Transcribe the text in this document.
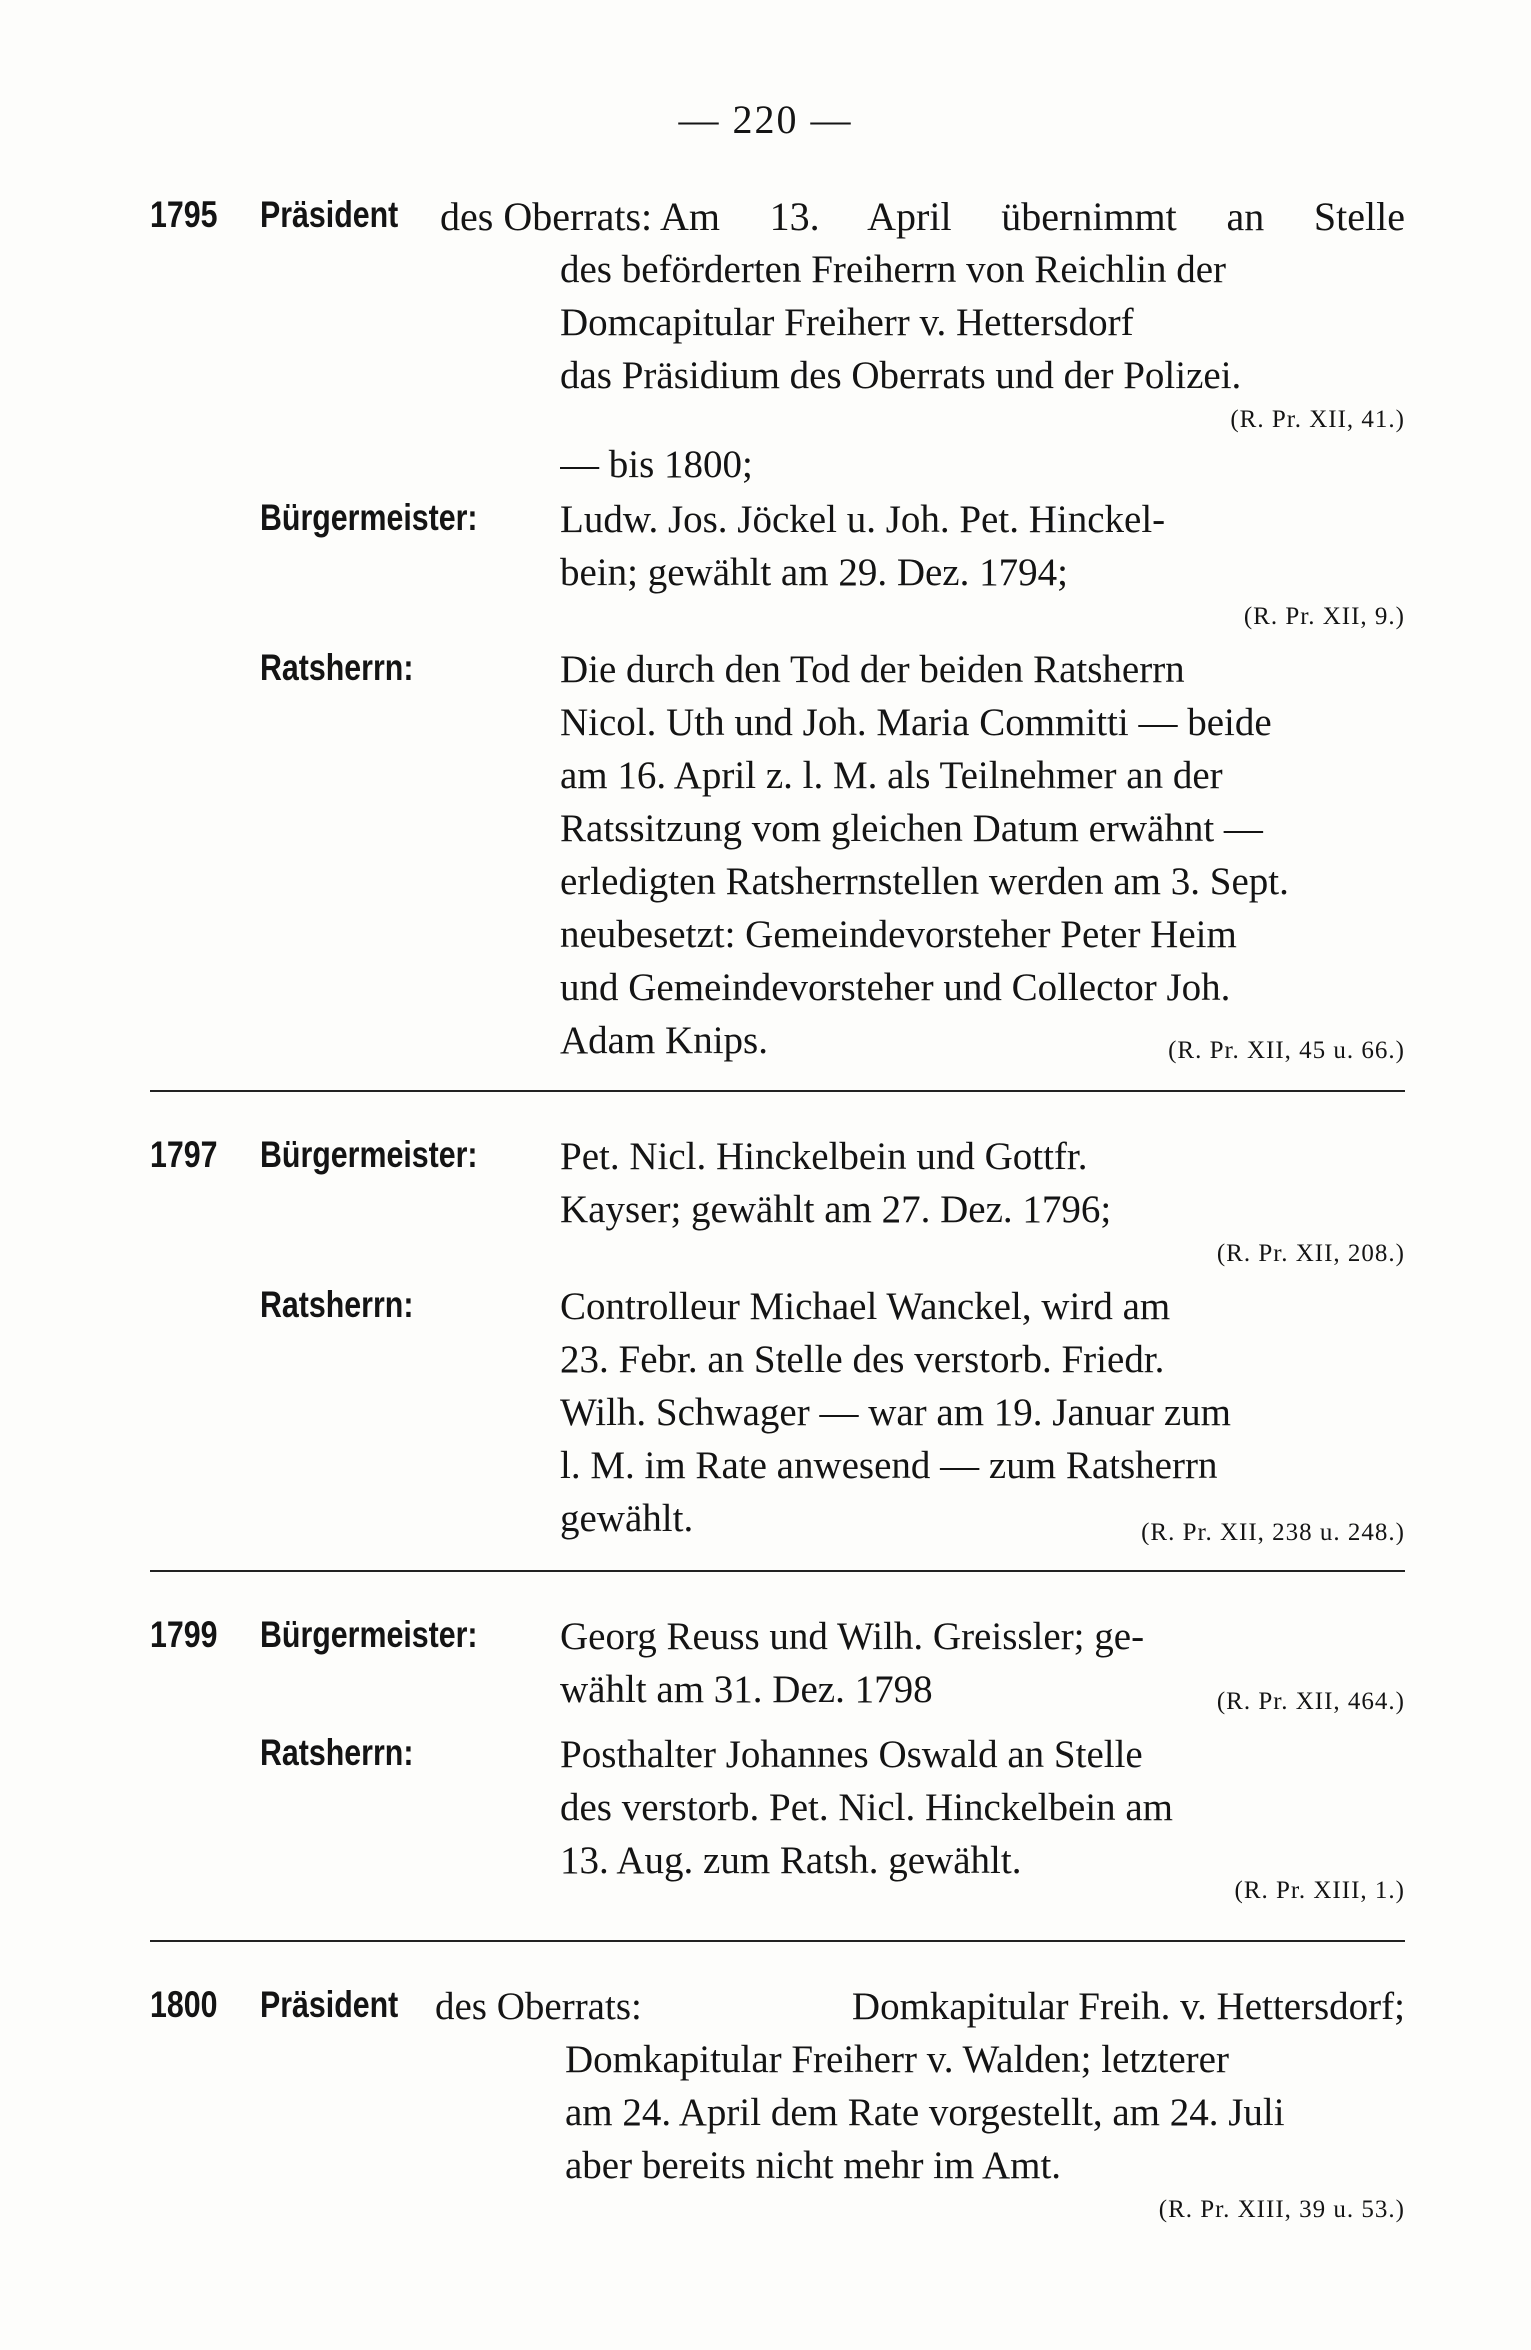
— 220 —
1795 Präsident des Oberrats: Am 13. April übernimmt an Stelle
des beförderten Freiherrn von Reichlin der
Domcapitular Freiherr v. Hettersdorf
das Präsidium des Oberrats und der Polizei.
(R. Pr. XII, 41.)
— bis 1800;
Bürgermeister: Ludw. Jos. Jöckel u. Joh. Pet. Hinckel-
bein; gewählt am 29. Dez. 1794;
(R. Pr. XII, 9.)
Ratsherrn:	Die durch den Tod der beiden Ratsherrn
Nicol. Uth und Joh. Maria Committi — beide
am 16. April z. l. M. als Teilnehmer an der
Ratssitzung vom gleichen Datum erwähnt —
erledigten Ratsherrnstellen werden am 3. Sept.
neubesetzt: Gemeindevorsteher Peter Heim
und Gemeindevorsteher und Collector Joh.
Adam Knips.	(R. Pr. XII, 45 u. 66.)
1797 Bürgermeister: Pet. Nicl. Hinckelbein und Gottfr.
Kayser; gewählt am 27. Dez. 1796;
(R. Pr. XII, 208.)
Ratsherrn:	Controlleur Michael Wanckel, wird am
23. Febr. an Stelle des verstorb. Friedr.
Wilh. Schwager — war am 19. Januar zum
l. M. im Rate anwesend — zum Ratsherrn
gewählt.	(R. Pr. XII, 238 u. 248.)
1799 Bürgermeister: Georg Reuss und Wilh. Greissler; ge-
wählt am 31. Dez. 1798	(R. Pr. XII, 464.)
Ratsherrn:	Posthalter Johannes Oswald an Stelle
des verstorb. Pet. Nicl. Hinckelbein am
13. Aug. zum Ratsh. gewählt.
(R. Pr. XIII, 1.)
1800 Präsident des Oberrats:	Domkapitular Freih. v. Hettersdorf;
Domkapitular Freiherr v. Walden; letzterer
am 24. April dem Rate vorgestellt, am 24. Juli
aber bereits nicht mehr im Amt.
(R. Pr. XIII, 39 u. 53.)
